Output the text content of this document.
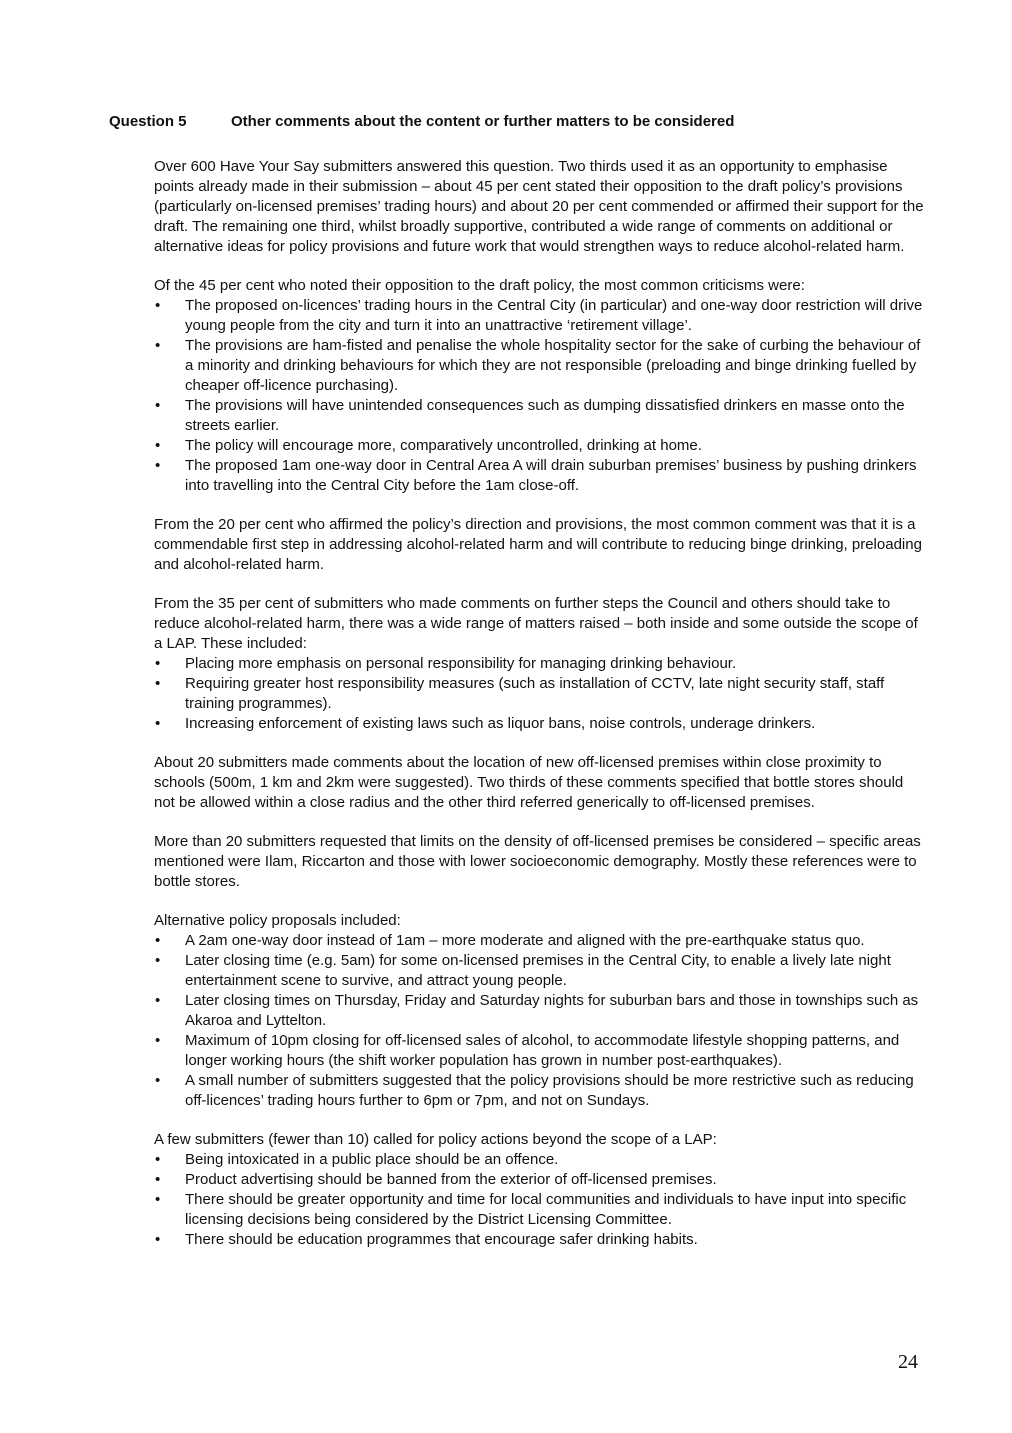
Question 5	Other comments about the content or further matters to be considered

Over 600 Have Your Say submitters answered this question. Two thirds used it as an opportunity to emphasise points already made in their submission – about 45 per cent stated their opposition to the draft policy’s provisions (particularly on-licensed premises’ trading hours) and about 20 per cent commended or affirmed their support for the draft. The remaining one third, whilst broadly supportive, contributed a wide range of comments on additional or alternative ideas for policy provisions and future work that would strengthen ways to reduce alcohol-related harm.

Of the 45 per cent who noted their opposition to the draft policy, the most common criticisms were:

• The proposed on-licences’ trading hours in the Central City (in particular) and one-way door restriction will drive young people from the city and turn it into an unattractive ‘retirement village’.
• The provisions are ham-fisted and penalise the whole hospitality sector for the sake of curbing the behaviour of a minority and drinking behaviours for which they are not responsible (preloading and binge drinking fuelled by cheaper off-licence purchasing).
• The provisions will have unintended consequences such as dumping dissatisfied drinkers en masse onto the streets earlier.
• The policy will encourage more, comparatively uncontrolled, drinking at home.
• The proposed 1am one-way door in Central Area A will drain suburban premises’ business by pushing drinkers into travelling into the Central City before the 1am close-off.

From the 20 per cent who affirmed the policy’s direction and provisions, the most common comment was that it is a commendable first step in addressing alcohol-related harm and will contribute to reducing binge drinking, preloading and alcohol-related harm.

From the 35 per cent of submitters who made comments on further steps the Council and others should take to reduce alcohol-related harm, there was a wide range of matters raised – both inside and some outside the scope of a LAP. These included:

• Placing more emphasis on personal responsibility for managing drinking behaviour.
• Requiring greater host responsibility measures (such as installation of CCTV, late night security staff, staff training programmes).
• Increasing enforcement of existing laws such as liquor bans, noise controls, underage drinkers.

About 20 submitters made comments about the location of new off-licensed premises within close proximity to schools (500m, 1 km and 2km were suggested). Two thirds of these comments specified that bottle stores should not be allowed within a close radius and the other third referred generically to off-licensed premises.

More than 20 submitters requested that limits on the density of off-licensed premises be considered – specific areas mentioned were Ilam, Riccarton and those with lower socioeconomic demography. Mostly these references were to bottle stores.

Alternative policy proposals included:

• A 2am one-way door instead of 1am – more moderate and aligned with the pre-earthquake status quo.
• Later closing time (e.g. 5am) for some on-licensed premises in the Central City, to enable a lively late night entertainment scene to survive, and attract young people.
• Later closing times on Thursday, Friday and Saturday nights for suburban bars and those in townships such as Akaroa and Lyttelton.
• Maximum of 10pm closing for off-licensed sales of alcohol, to accommodate lifestyle shopping patterns, and longer working hours (the shift worker population has grown in number post-earthquakes).
• A small number of submitters suggested that the policy provisions should be more restrictive such as reducing off-licences’ trading hours further to 6pm or 7pm, and not on Sundays.

A few submitters (fewer than 10) called for policy actions beyond the scope of a LAP:

• Being intoxicated in a public place should be an offence.
• Product advertising should be banned from the exterior of off-licensed premises.
• There should be greater opportunity and time for local communities and individuals to have input into specific licensing decisions being considered by the District Licensing Committee.
• There should be education programmes that encourage safer drinking habits.
24
